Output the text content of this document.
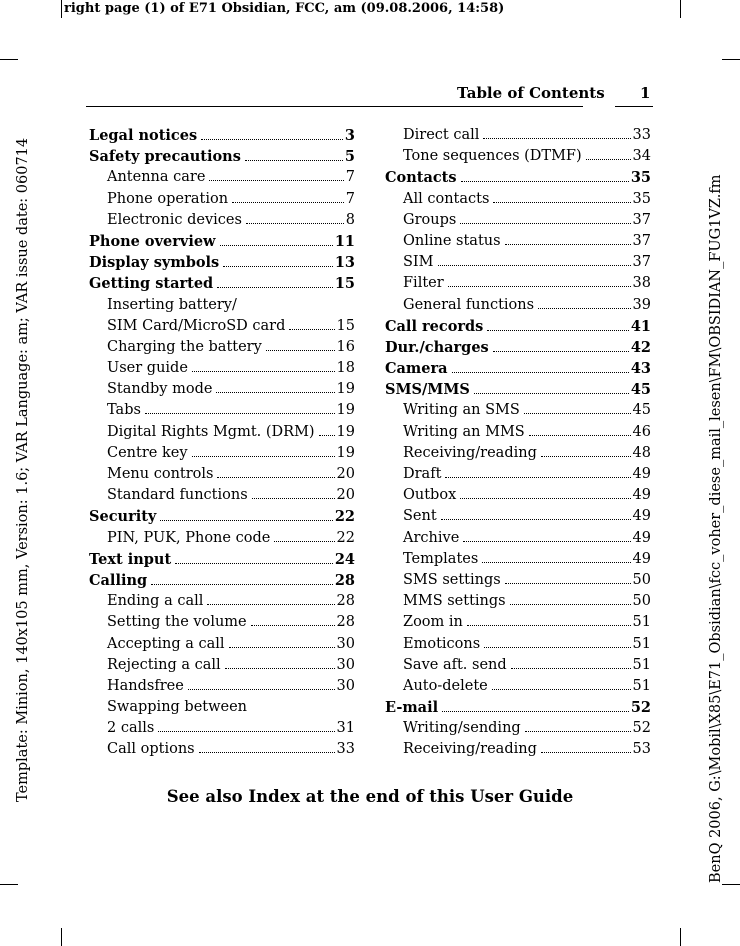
right page (1) of E71 Obsidian, FCC, am (09.08.2006, 14:58)
Template: Minion, 140x105 mm, Version: 1.6; VAR Language: am; VAR issue date: 060714	BenQ 2006, G:\Mobil\X85\E71_Obsidian\fcc_voher_diese_mail_lesen\FM\OBSIDIAN_FUG1VZ.fm
Table of Contents 1
Legal notices	3
Safety precautions	5
Antenna care	7
Phone operation	7
Electronic devices	8
Phone overview	11
Display symbols	13
Getting started	15
Inserting battery/
SIM Card/MicroSD card	15
Charging the battery	16
User guide	18
Standby mode	19
Tabs	19
Digital Rights Mgmt. (DRM) 19
Centre key	19
Menu controls	20
Standard functions	20
Security	22
PIN, PUK, Phone code	22
Text input	24
Calling	28
Ending a call	28
Setting the volume	28
Accepting a call	30
Rejecting a call	30
Handsfree	30
Swapping between
2 calls	31
Call options	33
Direct call	33
Tone sequences (DTMF)	34
Contacts	35
All contacts	35
Groups	37
Online status	37
SIM	37
Filter	38
General functions	39
Call records	41
Dur./charges	42
Camera	43
SMS/MMS	45
Writing an SMS	45
Writing an MMS	46
Receiving/reading	48
Draft	49
Outbox	49
Sent	49
Archive	49
Templates	49
SMS settings	50
MMS settings	50
Zoom in	51
Emoticons	51
Save aft. send	51
Auto-delete	51
E-mail	52
Writing/sending	52
Receiving/reading	53
See also Index at the end of this User Guide
